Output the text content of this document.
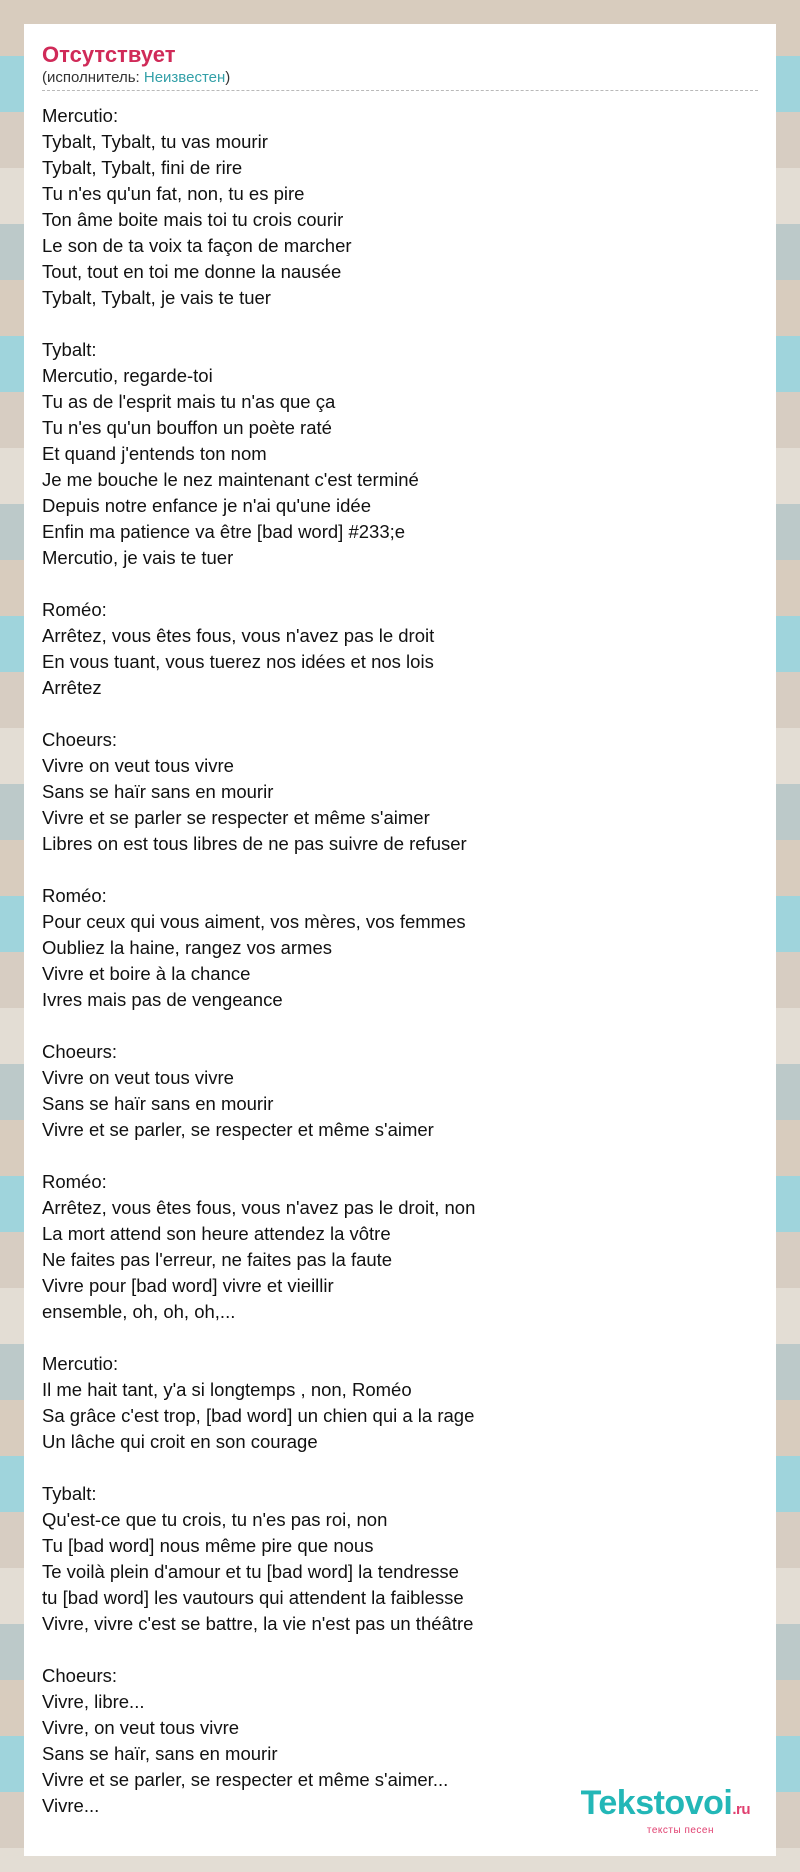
Отсутствует
(исполнитель: Неизвестен)
Mercutio:
Tybalt, Tybalt, tu vas mourir
Tybalt, Tybalt, fini de rire
Tu n'es qu'un fat, non, tu es pire
Ton âme boite mais toi tu crois courir
Le son de ta voix ta façon de marcher
Tout, tout en toi me donne la nausée
Tybalt, Tybalt, je vais te tuer
Tybalt:
Mercutio, regarde-toi
Tu as de l'esprit mais tu n'as que ça
Tu n'es qu'un bouffon un poète raté
Et quand j'entends ton nom
Je me bouche le nez maintenant c'est terminé
Depuis notre enfance je n'ai qu'une idée
Enfin ma patience va être [bad word] #233;e
Mercutio, je vais te tuer
Roméo:
Arrêtez, vous êtes fous, vous n'avez pas le droit
En vous tuant, vous tuerez nos idées et nos lois
Arrêtez
Choeurs:
Vivre on veut tous vivre
Sans se haïr sans en mourir
Vivre et se parler se respecter et même s'aimer
Libres on est tous libres de ne pas suivre de refuser
Roméo:
Pour ceux qui vous aiment, vos mères, vos femmes
Oubliez la haine, rangez vos armes
Vivre et boire à la chance
Ivres mais pas de vengeance
Choeurs:
Vivre on veut tous vivre
Sans se haïr sans en mourir
Vivre et se parler, se respecter et même s'aimer
Roméo:
Arrêtez, vous êtes fous, vous n'avez pas le droit, non
La mort attend son heure attendez la vôtre
Ne faites pas l'erreur, ne faites pas la faute
Vivre pour [bad word] vivre et vieillir
ensemble, oh, oh, oh,...
Mercutio:
Il me hait tant, y'a si longtemps , non, Roméo
Sa grâce c'est trop, [bad word] un chien qui a la rage
Un lâche qui croit en son courage
Tybalt:
Qu'est-ce que tu crois, tu n'es pas roi, non
Tu [bad word] nous même pire que nous
Te voilà plein d'amour et tu [bad word] la tendresse
tu [bad word] les vautours qui attendent la faiblesse
Vivre, vivre c'est se battre, la vie n'est pas un théâtre
Choeurs:
Vivre, libre...
Vivre, on veut tous vivre
Sans se haïr, sans en mourir
Vivre et se parler, se respecter et même s'aimer...
Vivre...	Tekstovoi.ru
тексты песен
